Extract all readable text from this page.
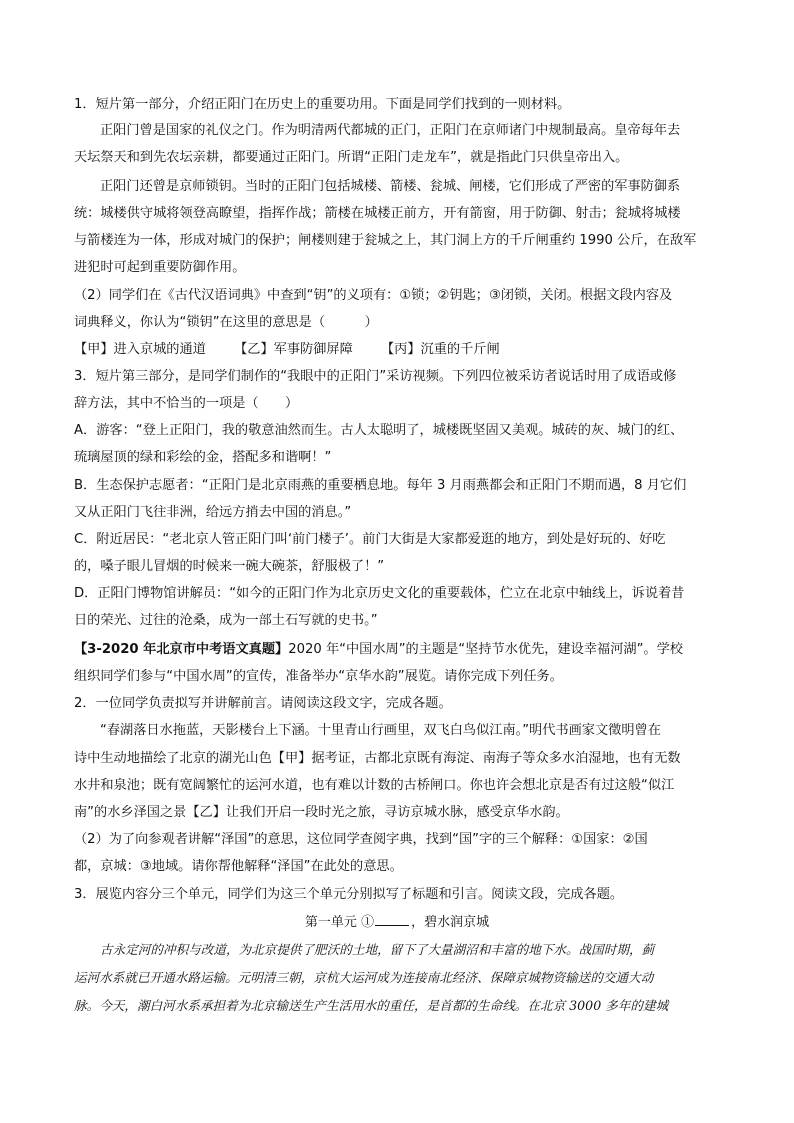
1．短片第一部分，介绍正阳门在历史上的重要功用。下面是同学们找到的一则材料。
正阳门曾是国家的礼仪之门。作为明清两代都城的正门，正阳门在京师诸门中规制最高。皇帝每年去
天坛祭天和到先农坛亲耕，都要通过正阳门。所谓“正阳门走龙车”，就是指此门只供皇帝出入。
正阳门还曾是京师锁钥。当时的正阳门包括城楼、箭楼、瓮城、闸楼，它们形成了严密的军事防御系
统：城楼供守城将领登高瞭望，指挥作战；箭楼在城楼正前方，开有箭窗，用于防御、射击；瓮城将城楼
与箭楼连为一体，形成对城门的保护；闸楼则建于瓮城之上，其门洞上方的千斤闸重约 1990 公斤，在敌军
进犯时可起到重要防御作用。
（2）同学们在《古代汉语词典》中查到“钥”的义项有：①锁；②钥匙；③闭锁，关闭。根据文段内容及
词典释义，你认为“锁钥”在这里的意思是（　　　）
【甲】进入京城的通道 【乙】军事防御屏障 【丙】沉重的千斤闸
3．短片第三部分，是同学们制作的“我眼中的正阳门”采访视频。下列四位被采访者说话时用了成语或修
辞方法，其中不恰当的一项是（　　）
A．游客：“登上正阳门，我的敬意油然而生。古人太聪明了，城楼既坚固又美观。城砖的灰、城门的红、
琉璃屋顶的绿和彩绘的金，搭配多和谐啊！”
B．生态保护志愿者：“正阳门是北京雨燕的重要栖息地。每年 3 月雨燕都会和正阳门不期而遇，8 月它们
又从正阳门飞往非洲，给远方捎去中国的消息。”
C．附近居民：“老北京人管正阳门叫‘前门楼子’。前门大街是大家都爱逛的地方，到处是好玩的、好吃
的，嗓子眼儿冒烟的时候来一碗大碗茶，舒服极了！”
D．正阳门博物馆讲解员：“如今的正阳门作为北京历史文化的重要载体，伫立在北京中轴线上，诉说着昔
日的荣光、过往的沧桑，成为一部土石写就的史书。”
【3-2020 年北京市中考语文真题】2020 年“中国水周”的主题是“坚持节水优先，建设幸福河湖”。学校
组织同学们参与“中国水周”的宣传，准备举办“京华水韵”展览。请你完成下列任务。
2．一位同学负责拟写并讲解前言。请阅读这段文字，完成各题。
“春湖落日水拖蓝，天影楼台上下涵。十里青山行画里，双飞白鸟似江南。”明代书画家文徵明曾在
诗中生动地描绘了北京的湖光山色【甲】据考证，古都北京既有海淀、南海子等众多水泊湿地，也有无数
水井和泉池；既有宽阔繁忙的运河水道，也有难以计数的古桥闸口。你也许会想北京是否有过这般“似江
南”的水乡泽国之景【乙】让我们开启一段时光之旅，寻访京城水脉，感受京华水韵。
（2）为了向参观者讲解“泽国”的意思，这位同学查阅字典，找到“国”字的三个解释：①国家：②国
都，京城：③地域。请你帮他解释“泽国”在此处的意思。
3．展览内容分三个单元，同学们为这三个单元分别拟写了标题和引言。阅读文段，完成各题。
第一单元 ①	，碧水润京城
古永定河的冲积与改道，为北京提供了肥沃的土地，留下了大量湖沼和丰富的地下水。战国时期，蓟
运河水系就已开通水路运输。元明清三朝，京杭大运河成为连接南北经济、保障京城物资输送的交通大动
脉。今天，潮白河水系承担着为北京输送生产生活用水的重任，是首都的生命线。在北京 3000 多年的建城
